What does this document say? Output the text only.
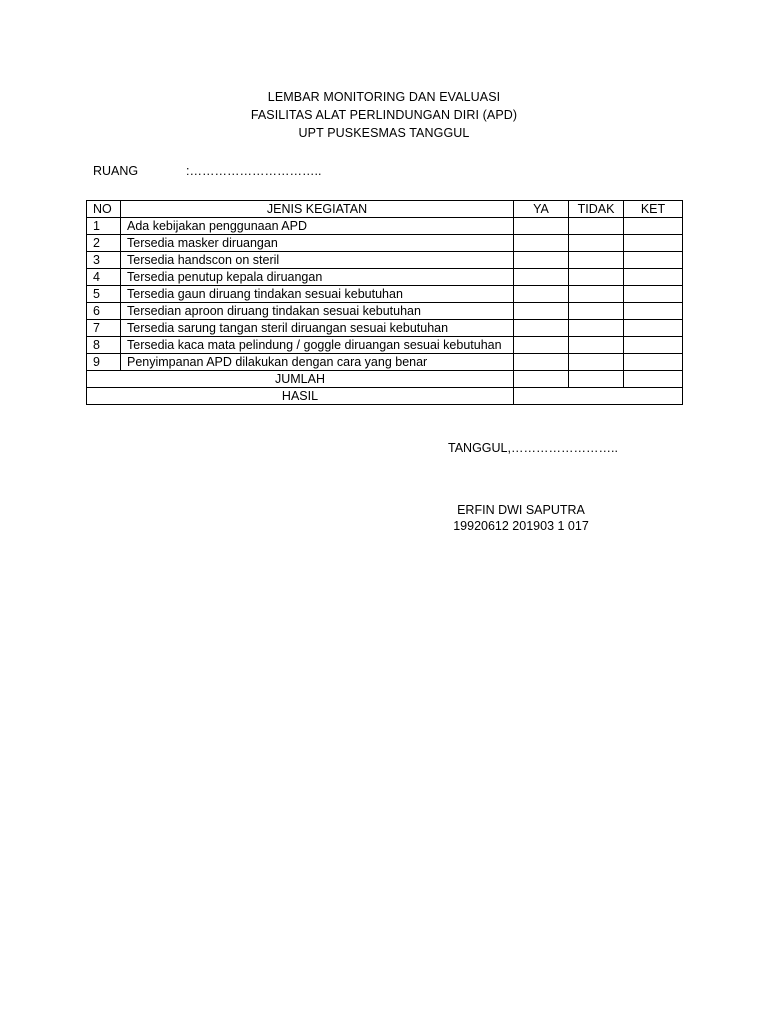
LEMBAR MONITORING DAN EVALUASI
FASILITAS ALAT PERLINDUNGAN DIRI (APD)
UPT PUSKESMAS TANGGUL
RUANG	:…………………………..
NO	JENIS KEGIATAN	YA	TIDAK	KET
1	Ada kebijakan penggunaan APD			
2	Tersedia masker diruangan			
3	Tersedia handscon on steril			
4	Tersedia penutup kepala diruangan			
5	Tersedia gaun diruang tindakan sesuai kebutuhan			
6	Tersedian aproon diruang tindakan sesuai kebutuhan			
7	Tersedia sarung tangan steril diruangan sesuai kebutuhan			
8	Tersedia kaca mata pelindung / goggle diruangan sesuai kebutuhan			
9	Penyimpanan APD dilakukan dengan cara yang benar			
JUMLAH				
HASIL				
TANGGUL,……………………..
ERFIN DWI SAPUTRA
19920612 201903 1 017
